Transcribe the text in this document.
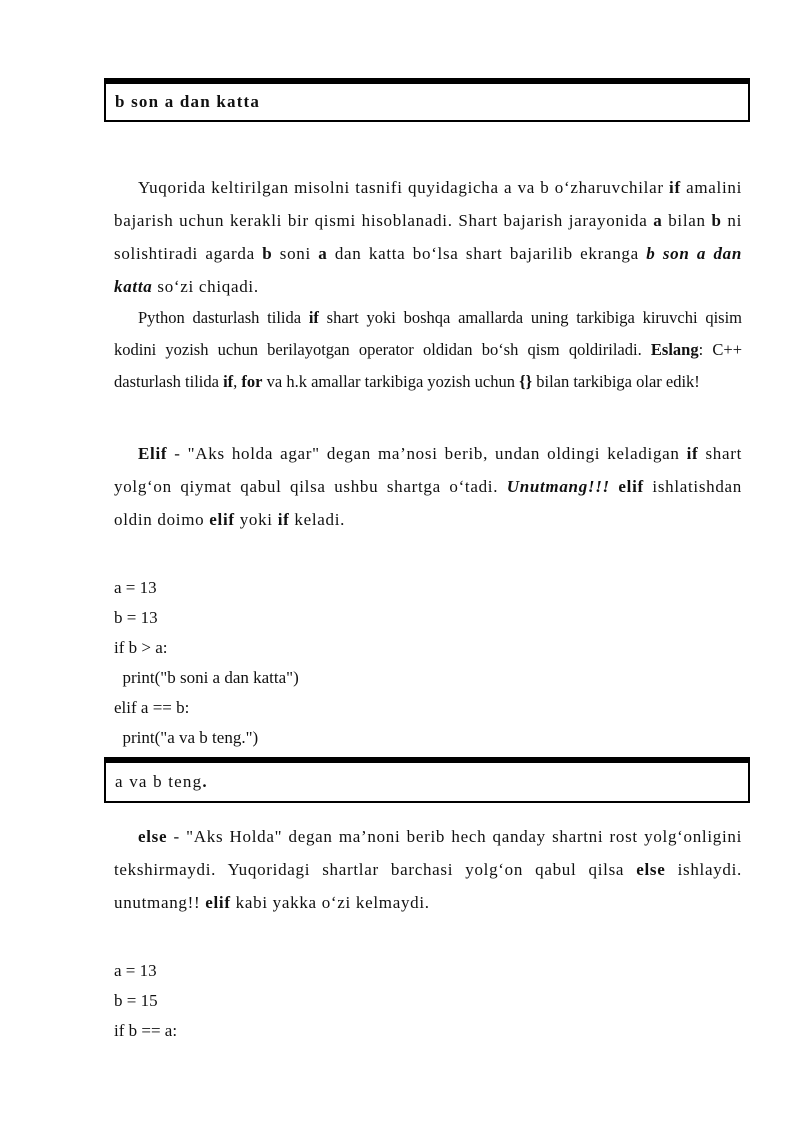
b son a dan katta

Yuqorida keltirilgan misolni tasnifi quyidagicha a va b o‘zharuvchilar if amalini bajarish uchun kerakli bir qismi hisoblanadi. Shart bajarish jarayonida a bilan b ni solishtiradi agarda b soni a dan katta bo‘lsa shart bajarilib ekranga b son a dan katta so‘zi chiqadi.

Python dasturlash tilida if shart yoki boshqa amallarda uning tarkibiga kiruvchi qisim kodini yozish uchun berilayotgan operator oldidan bo‘sh qism qoldiriladi. Eslang: C++ dasturlash tilida if, for va h.k amallar tarkibiga yozish uchun {} bilan tarkibiga olar edik!

Elif - "Aks holda agar" degan ma’nosi berib, undan oldingi keladigan if shart yolg‘on qiymat qabul qilsa ushbu shartga o‘tadi. Unutmang!!! elif ishlatishdan oldin doimo elif yoki if keladi.

a = 13
b = 13
if b > a:
print("b soni a dan katta")
elif a == b:
print("a va b teng.")
a va b teng .

else - "Aks Holda" degan ma’noni berib hech qanday shartni rost yolg‘onligini tekshirmaydi. Yuqoridagi shartlar barchasi yolg‘on qabul qilsa else ishlaydi. unutmang!! elif kabi yakka o‘zi kelmaydi.

a = 13
b = 15
if b == a:
